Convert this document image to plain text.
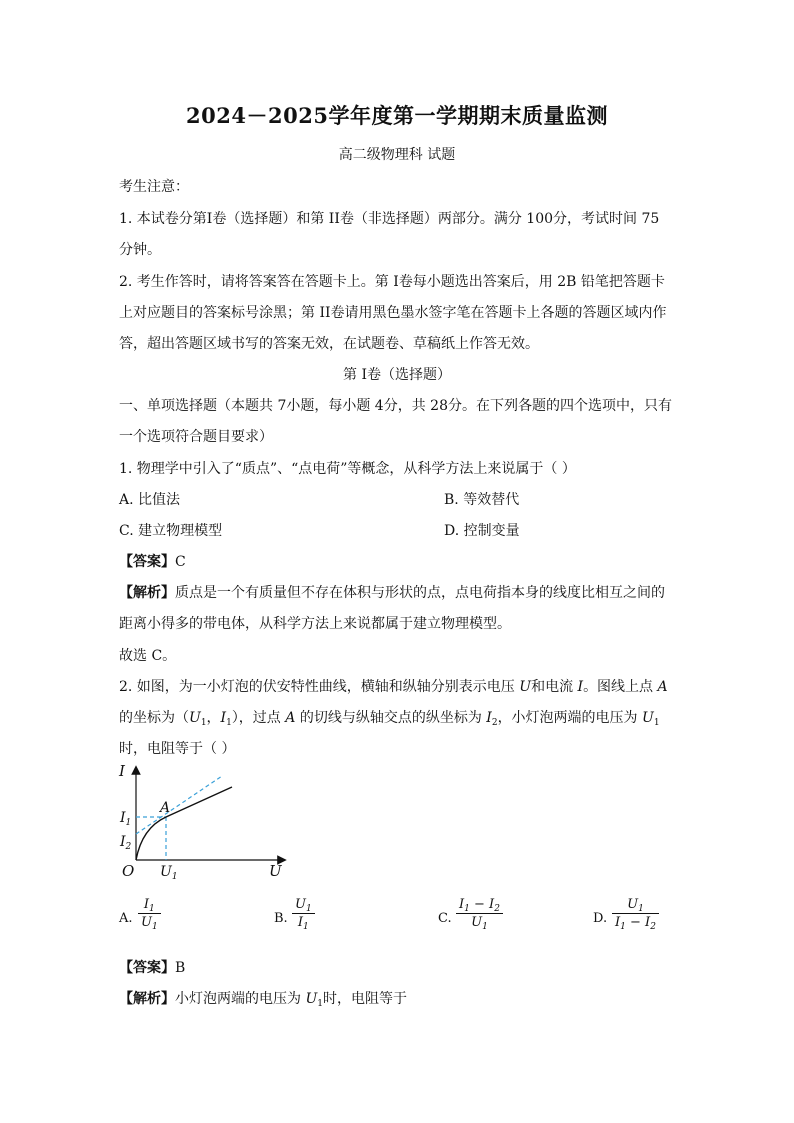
2024－2025学年度第一学期期末质量监测
高二级物理科 试题
考生注意：
1. 本试卷分第I卷（选择题）和第 II卷（非选择题）两部分。满分 100分，考试时间 75
分钟。
2. 考生作答时，请将答案答在答题卡上。第 I卷每小题选出答案后，用 2B 铅笔把答题卡
上对应题目的答案标号涂黑；第 II卷请用黑色墨水签字笔在答题卡上各题的答题区域内作
答，超出答题区域书写的答案无效，在试题卷、草稿纸上作答无效。
第 I卷（选择题）
一、单项选择题（本题共 7小题，每小题 4分，共 28分。在下列各题的四个选项中，只有
一个选项符合题目要求）
1. 物理学中引入了“质点”、“点电荷”等概念，从科学方法上来说属于（ ）
A. 比值法	B. 等效替代
C. 建立物理模型	D. 控制变量
【答案】C
【解析】质点是一个有质量但不存在体积与形状的点，点电荷指本身的线度比相互之间的
距离小得多的带电体，从科学方法上来说都属于建立物理模型。
故选 C。
2. 如图，为一小灯泡的伏安特性曲线，横轴和纵轴分别表示电压 U和电流 I。图线上点 A
的坐标为（$U_1$，$I_1$），过点 A 的切线与纵轴交点的纵坐标为 $I_2$，小灯泡两端的电压为 $U_1$
时，电阻等于（ ）
I
U
O
A
$I_1$
$I_2$
$U_1$
A.
$I_1$
$U_1$
B.
$U_1$
$I_1$
C.
$I_1 - I_2$
$U_1$
D.
$U_1$
$I_1 - I_2$
【答案】B
【解析】小灯泡两端的电压为 $U_1$时，电阻等于
